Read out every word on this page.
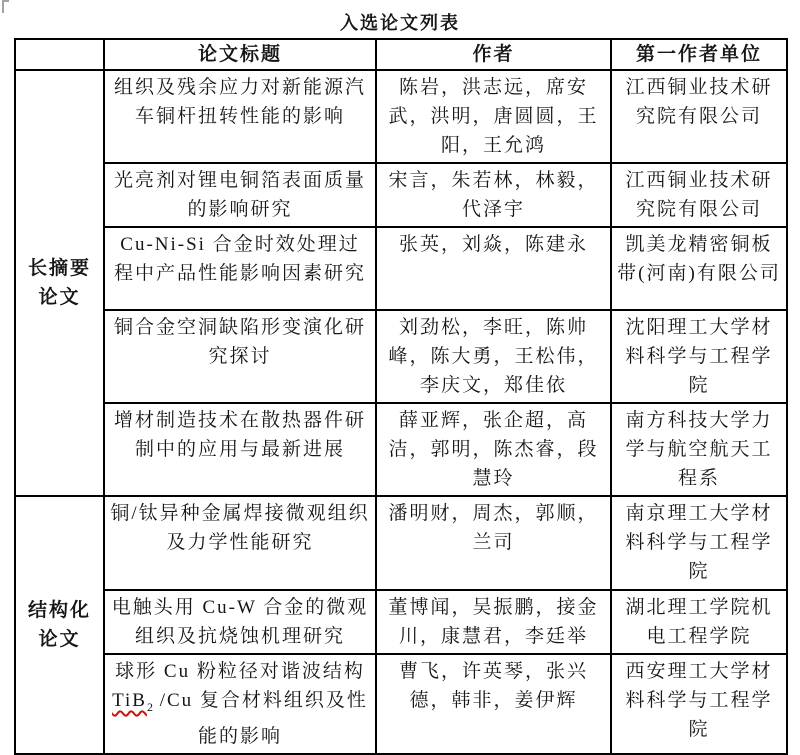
入选论文列表
	论文标题	作者	第一作者单位

长摘要
论文	组织及残余应力对新能源汽车铜杆扭转性能的影响	陈岩，洪志远，席安武，洪明，唐圆圆，王阳，王允鸿	江西铜业技术研究院有限公司
	光亮剂对锂电铜箔表面质量的影响研究	宋言，朱若林，林毅，代泽宇	江西铜业技术研究院有限公司
	Cu-Ni-Si 合金时效处理过程中产品性能影响因素研究	张英，刘焱，陈建永	凯美龙精密铜板带(河南)有限公司
	铜合金空洞缺陷形变演化研究探讨	刘劲松，李旺，陈帅峰，陈大勇，王松伟，李庆文，郑佳依	沈阳理工大学材料科学与工程学院
	增材制造技术在散热器件研制中的应用与最新进展	薛亚辉，张企超，高洁，郭明，陈杰睿，段慧玲	南方科技大学力学与航空航天工程系

结构化
论文	铜/钛异种金属焊接微观组织及力学性能研究	潘明财，周杰，郭顺，兰司	南京理工大学材料科学与工程学院
	电触头用 Cu-W 合金的微观组织及抗烧蚀机理研究	董博闻，吴振鹏，接金川，康慧君，李廷举	湖北理工学院机电工程学院
	球形 Cu 粉粒径对谐波结构 TiB$_2$ /Cu 复合材料组织及性能的影响	曹飞，许英琴，张兴德，韩非，姜伊辉	西安理工大学材料科学与工程学院
